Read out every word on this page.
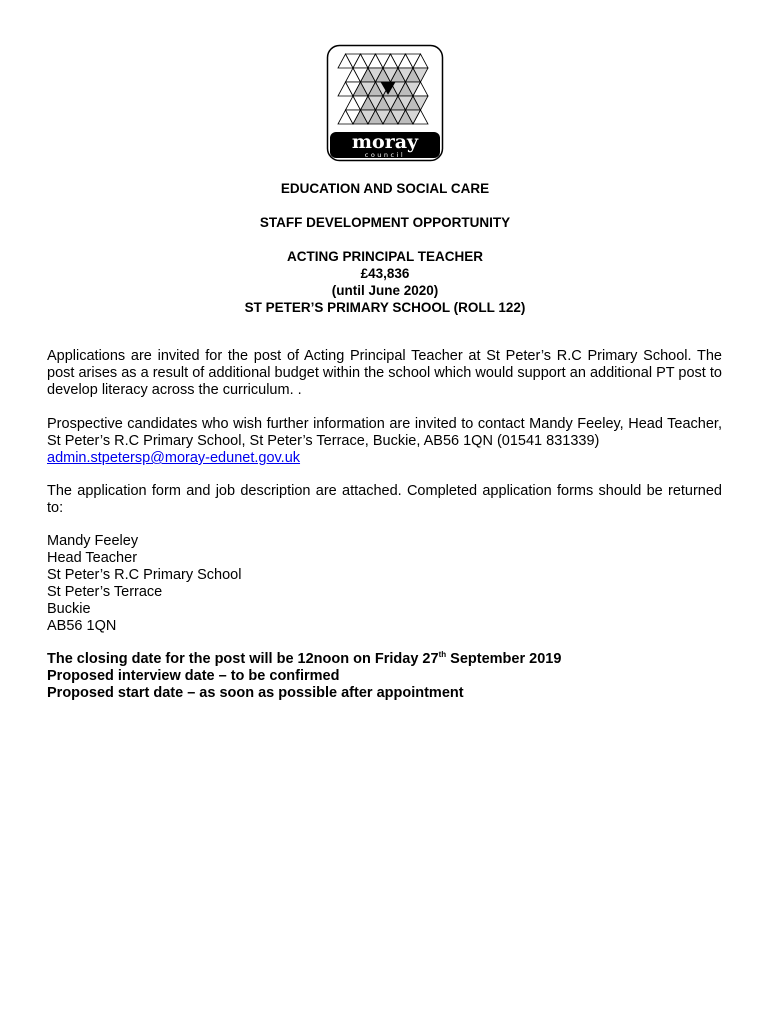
moray
council

EDUCATION AND SOCIAL CARE

STAFF DEVELOPMENT OPPORTUNITY

ACTING PRINCIPAL TEACHER
£43,836
(until June 2020)
ST PETER’S PRIMARY SCHOOL (ROLL 122)

Applications are invited for the post of Acting Principal Teacher at St Peter’s R.C Primary School. The post arises as a result of additional budget within the school which would support an additional PT post to develop literacy across the curriculum. .

Prospective candidates who wish further information are invited to contact Mandy Feeley, Head Teacher, St Peter’s R.C Primary School, St Peter’s Terrace, Buckie, AB56 1QN (01541 831339)
admin.stpetersp@moray-edunet.gov.uk

The application form and job description are attached. Completed application forms should be returned to:

Mandy Feeley
Head Teacher
St Peter’s R.C Primary School
St Peter’s Terrace
Buckie
AB56 1QN
The closing date for the post will be 12noon on Friday 27th September 2019
Proposed interview date – to be confirmed
Proposed start date – as soon as possible after appointment
